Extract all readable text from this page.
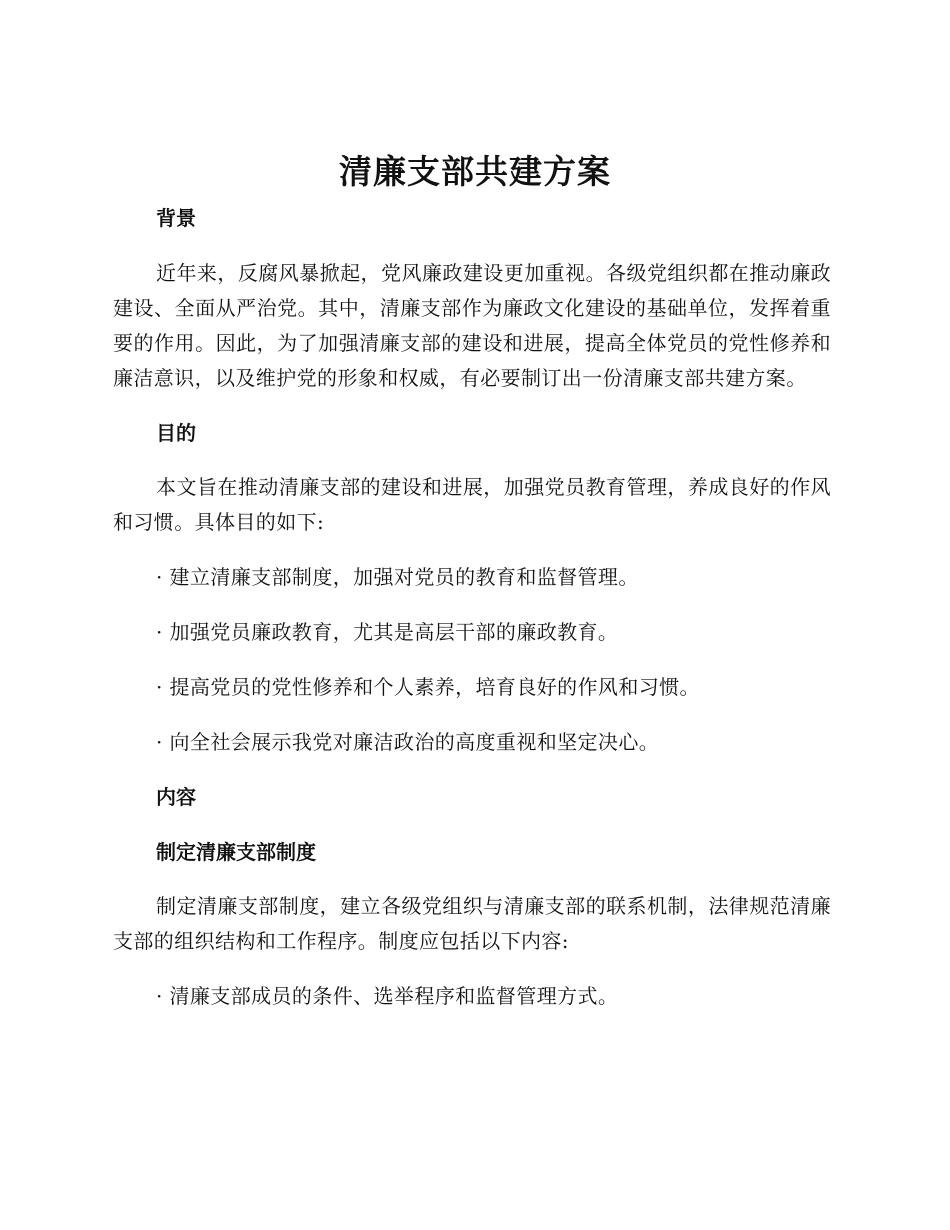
清廉支部共建方案
背景

近年来，反腐风暴掀起，党风廉政建设更加重视。各级党组织都在推动廉政建设、全面从严治党。其中，清廉支部作为廉政文化建设的基础单位，发挥着重要的作用。因此，为了加强清廉支部的建设和进展，提高全体党员的党性修养和廉洁意识，以及维护党的形象和权威，有必要制订出一份清廉支部共建方案。

目的

本文旨在推动清廉支部的建设和进展，加强党员教育管理，养成良好的作风和习惯。具体目的如下:

· 建立清廉支部制度，加强对党员的教育和监督管理。

· 加强党员廉政教育，尤其是高层干部的廉政教育。

· 提高党员的党性修养和个人素养，培育良好的作风和习惯。

· 向全社会展示我党对廉洁政治的高度重视和坚定决心。

内容
制定清廉支部制度

制定清廉支部制度，建立各级党组织与清廉支部的联系机制，法律规范清廉支部的组织结构和工作程序。制度应包括以下内容:

· 清廉支部成员的条件、选举程序和监督管理方式。
